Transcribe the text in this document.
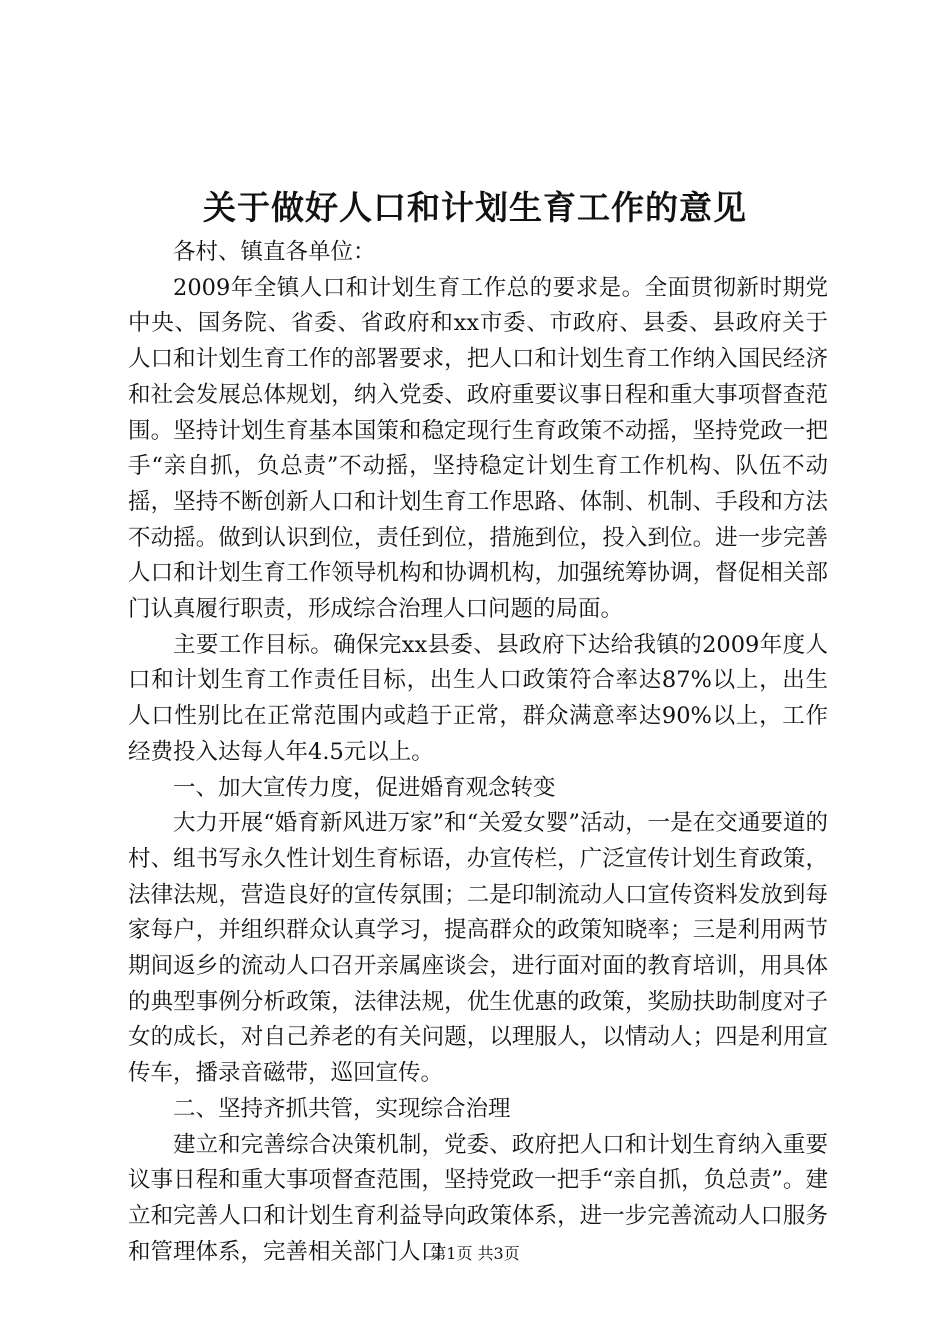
关于做好人口和计划生育工作的意见

各村、镇直各单位：

2009年全镇人口和计划生育工作总的要求是。全面贯彻新时期党中央、国务院、省委、省政府和xx市委、市政府、县委、县政府关于人口和计划生育工作的部署要求，把人口和计划生育工作纳入国民经济和社会发展总体规划，纳入党委、政府重要议事日程和重大事项督查范围。坚持计划生育基本国策和稳定现行生育政策不动摇，坚持党政一把手“亲自抓，负总责”不动摇，坚持稳定计划生育工作机构、队伍不动摇，坚持不断创新人口和计划生育工作思路、体制、机制、手段和方法不动摇。做到认识到位，责任到位，措施到位，投入到位。进一步完善人口和计划生育工作领导机构和协调机构，加强统筹协调，督促相关部门认真履行职责，形成综合治理人口问题的局面。

主要工作目标。确保完xx县委、县政府下达给我镇的2009年度人口和计划生育工作责任目标，出生人口政策符合率达87%以上，出生人口性别比在正常范围内或趋于正常，群众满意率达90%以上，工作经费投入达每人年4.5元以上。

一、加大宣传力度，促进婚育观念转变

大力开展“婚育新风进万家”和“关爱女婴”活动，一是在交通要道的村、组书写永久性计划生育标语，办宣传栏，广泛宣传计划生育政策，法律法规，营造良好的宣传氛围；二是印制流动人口宣传资料发放到每家每户，并组织群众认真学习，提高群众的政策知晓率；三是利用两节期间返乡的流动人口召开亲属座谈会，进行面对面的教育培训，用具体的典型事例分析政策，法律法规，优生优惠的政策，奖励扶助制度对子女的成长，对自己养老的有关问题，以理服人，以情动人；四是利用宣传车，播录音磁带，巡回宣传。

二、坚持齐抓共管，实现综合治理

建立和完善综合决策机制，党委、政府把人口和计划生育纳入重要议事日程和重大事项督查范围，坚持党政一把手“亲自抓，负总责”。建立和完善人口和计划生育利益导向政策体系，进一步完善流动人口服务和管理体系，完善相关部门人口

第1页 共3页
